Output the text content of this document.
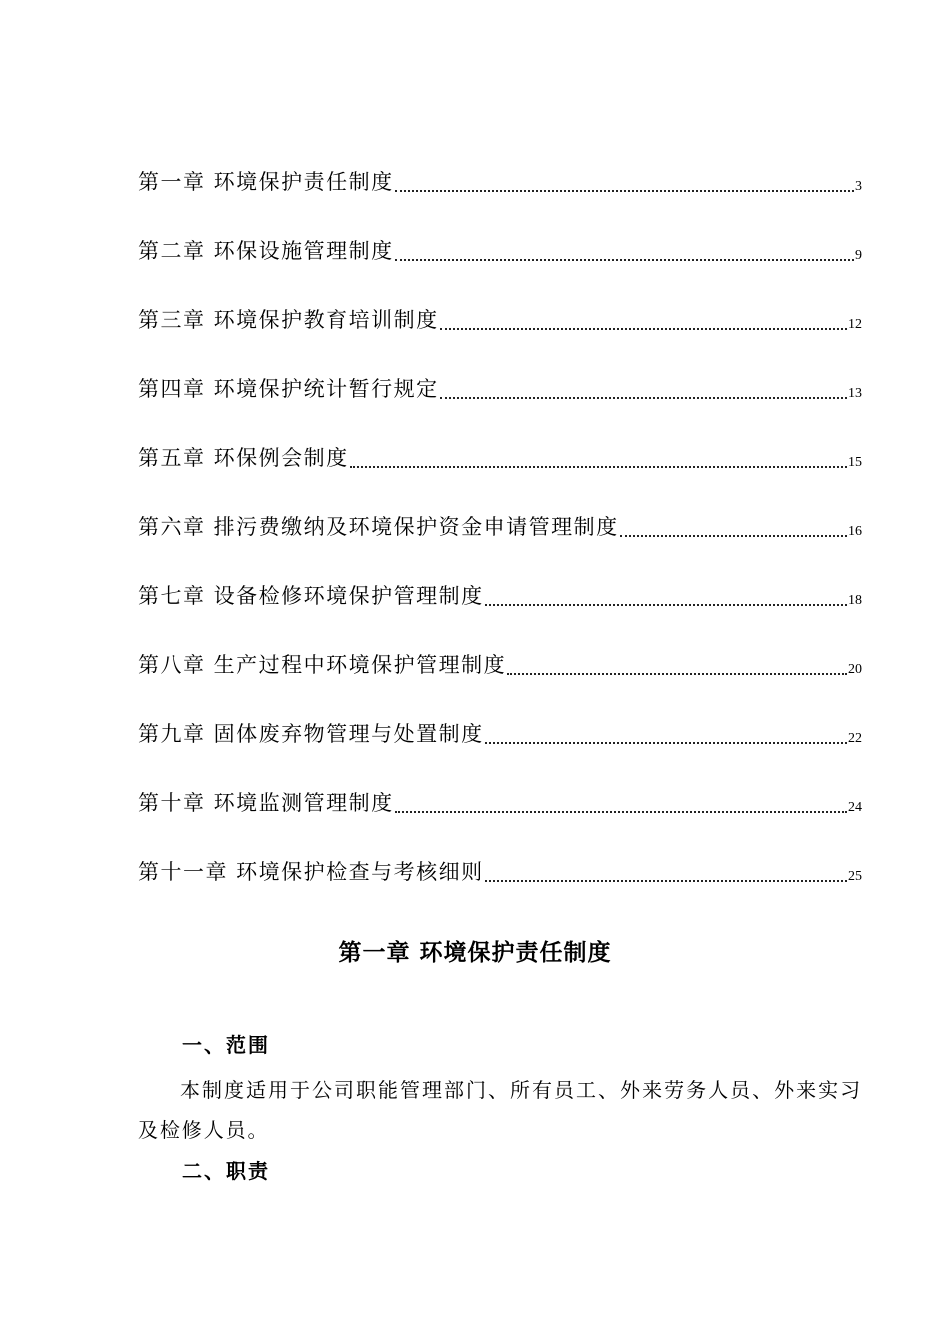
第一章 环境保护责任制度	3
第二章 环保设施管理制度	9
第三章 环境保护教育培训制度	12
第四章 环境保护统计暂行规定	13
第五章 环保例会制度	15
第六章 排污费缴纳及环境保护资金申请管理制度	16
第七章 设备检修环境保护管理制度	18
第八章 生产过程中环境保护管理制度	20
第九章 固体废弃物管理与处置制度	22
第十章 环境监测管理制度	24
第十一章 环境保护检查与考核细则	25
第一章 环境保护责任制度
一、范围

本制度适用于公司职能管理部门、所有员工、外来劳务人员、外来实习及检修人员。

二、职责
